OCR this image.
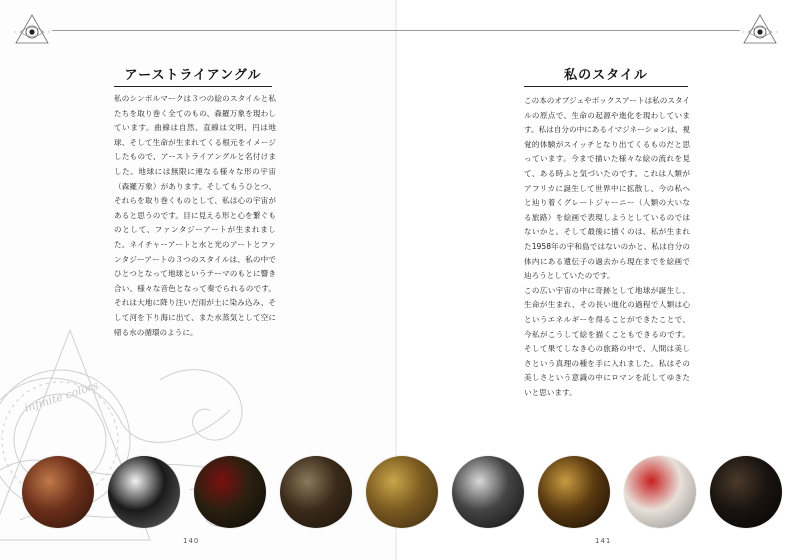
infinite colors
アーストライアングル

私のシンボルマークは３つの絵のスタイルと私たちを取り巻く全てのもの、森羅万象を現わしています。曲線は自然、直線は文明、円は地球、そして生命が生まれてくる根元をイメージしたもので、アーストライアングルと名付けました。地球には無限に連なる様々な形の宇宙（森羅万象）があります。そしてもうひとつ、それらを取り巻くものとして、私は心の宇宙があると思うのです。目に見える形と心を繋ぐものとして、ファンタジーアートが生まれました。ネイチャーアートと水と光のアートとファンタジーアートの３つのスタイルは、私の中でひとつとなって地球というテーマのもとに響き合い、様々な音色となって奏でられるのです。それは大地に降り注いだ雨が土に染み込み、そして河を下り海に出て、また水蒸気として空に帰る水の循環のように。

私のスタイル

この本のオブジェやボックスアートは私のスタイルの原点で、生命の起源や進化を現わしています。私は自分の中にあるイマジネーションは、視覚的体験がスイッチとなり出てくるものだと思っています。今まで描いた様々な絵の流れを見て、ある時ふと気づいたのです。これは人類がアフリカに誕生して世界中に拡散し、今の私へと辿り着くグレートジャーニー（人類の大いなる旅路）を絵画で表現しようとしているのではないかと。そして最後に描くのは、私が生まれた1958年の宇和島ではないのかと、私は自分の体内にある遺伝子の過去から現在までを絵画で辿ろうとしていたのです。

この広い宇宙の中に奇跡として地球が誕生し、生命が生まれ、その長い進化の過程で人類は心というエネルギーを得ることができたことで、今私がこうして絵を描くこともできるのです。そして果てしなき心の旅路の中で、人間は美しさという真理の種を手に入れました。私はその美しさという意識の中にロマンを託してゆきたいと思います。

140	141
